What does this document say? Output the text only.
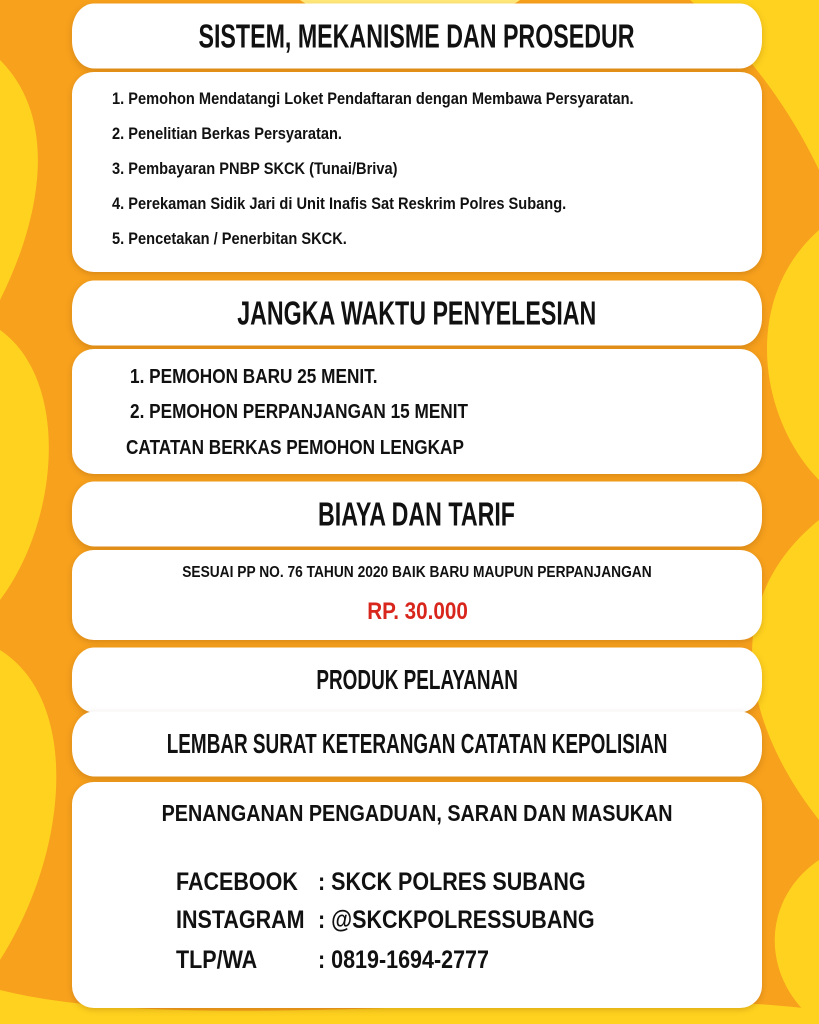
SISTEM, MEKANISME DAN PROSEDUR
1. Pemohon Mendatangi Loket Pendaftaran dengan Membawa Persyaratan.
2. Penelitian Berkas Persyaratan.
3. Pembayaran PNBP SKCK (Tunai/Briva)
4. Perekaman Sidik Jari di Unit Inafis Sat Reskrim Polres Subang.
5. Pencetakan / Penerbitan SKCK.
JANGKA WAKTU PENYELESIAN
1. PEMOHON BARU 25 MENIT.
2. PEMOHON PERPANJANGAN 15 MENIT
CATATAN BERKAS PEMOHON LENGKAP
BIAYA DAN TARIF
SESUAI PP NO. 76 TAHUN 2020 BAIK BARU MAUPUN PERPANJANGAN
RP. 30.000
PRODUK PELAYANAN
LEMBAR SURAT KETERANGAN CATATAN KEPOLISIAN
PENANGANAN PENGADUAN, SARAN DAN MASUKAN
FACEBOOK : SKCK POLRES SUBANG
INSTAGRAM : @SKCKPOLRESSUBANG
TLP/WA : 0819-1694-2777
